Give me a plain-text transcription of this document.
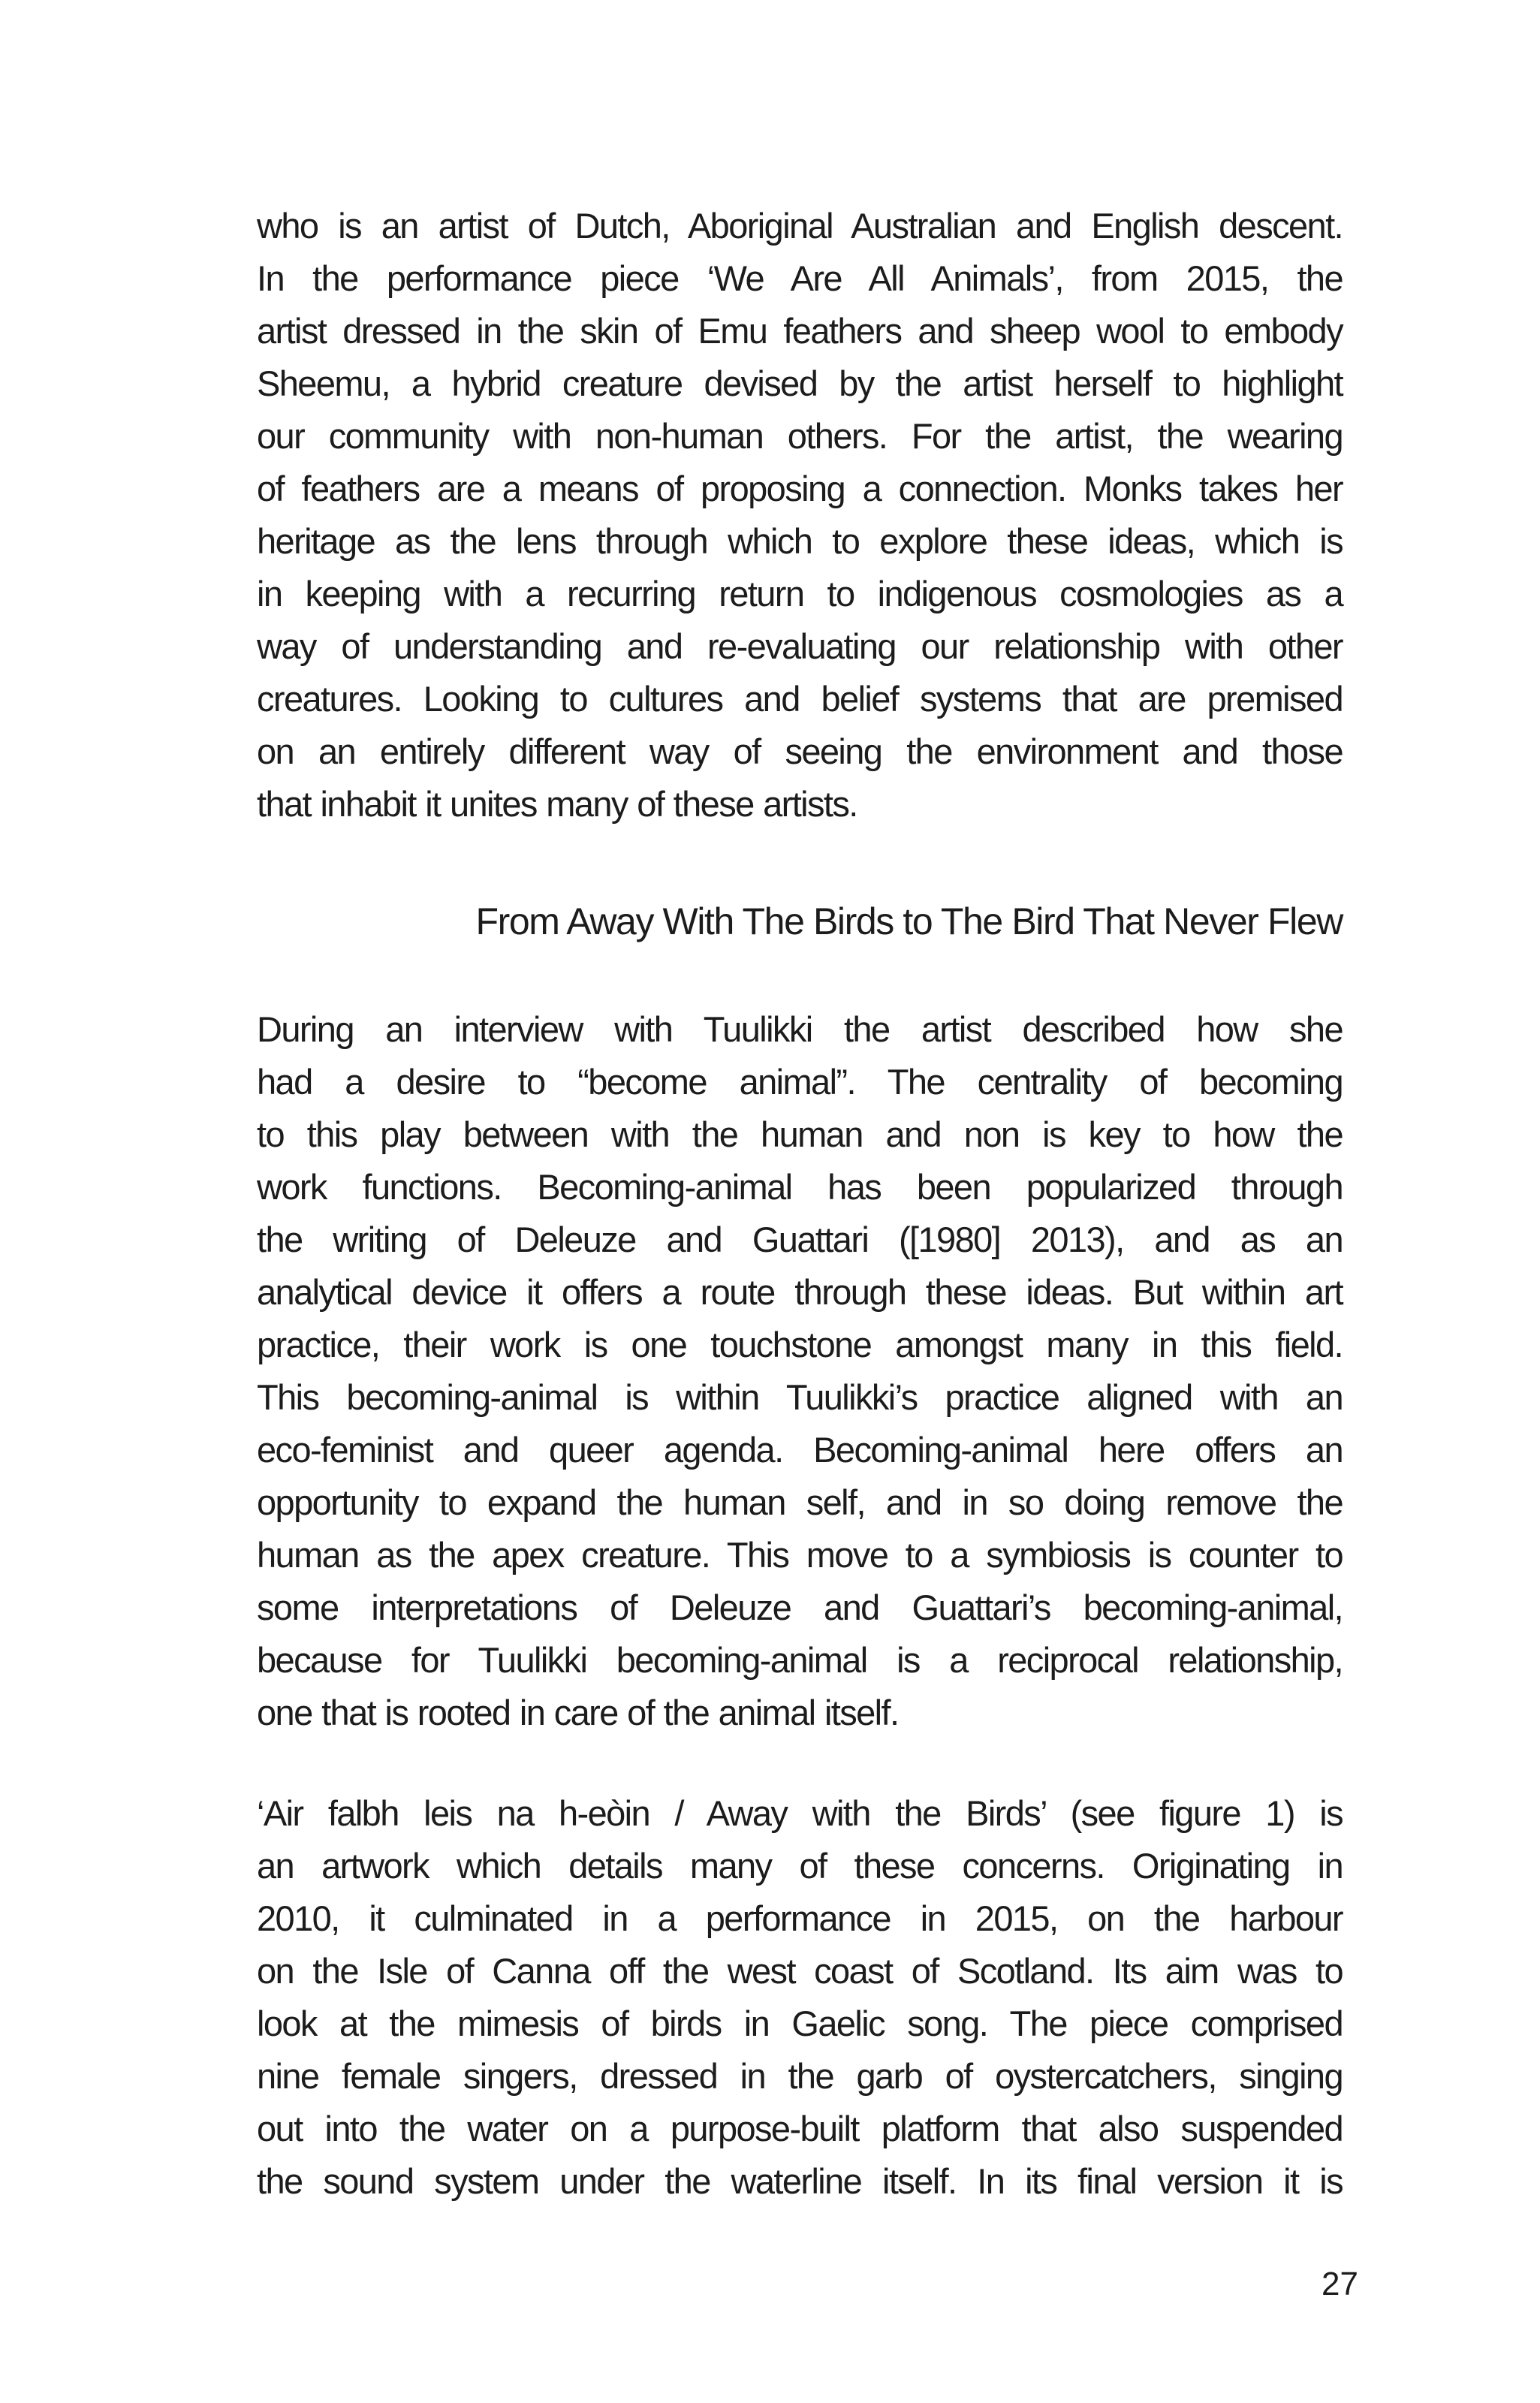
who is an artist of Dutch, Aboriginal Australian and English descent.
In the performance piece ‘We Are All Animals’, from 2015, the
artist dressed in the skin of Emu feathers and sheep wool to embody
Sheemu, a hybrid creature devised by the artist herself to highlight
our community with non-human others. For the artist, the wearing
of feathers are a means of proposing a connection. Monks takes her
heritage as the lens through which to explore these ideas, which is
in keeping with a recurring return to indigenous cosmologies as a
way of understanding and re-evaluating our relationship with other
creatures. Looking to cultures and belief systems that are premised
on an entirely different way of seeing the environment and those
that inhabit it unites many of these artists.
From Away With The Birds to The Bird That Never Flew
During an interview with Tuulikki the artist described how she
had a desire to “become animal”. The centrality of becoming
to this play between with the human and non is key to how the
work functions. Becoming-animal has been popularized through
the writing of Deleuze and Guattari ([1980] 2013), and as an
analytical device it offers a route through these ideas. But within art
practice, their work is one touchstone amongst many in this field.
This becoming-animal is within Tuulikki’s practice aligned with an
eco-feminist and queer agenda. Becoming-animal here offers an
opportunity to expand the human self, and in so doing remove the
human as the apex creature. This move to a symbiosis is counter to
some interpretations of Deleuze and Guattari’s becoming-animal,
because for Tuulikki becoming-animal is a reciprocal relationship,
one that is rooted in care of the animal itself.
‘Air falbh leis na h-eòin / Away with the Birds’ (see figure 1) is
an artwork which details many of these concerns. Originating in
2010, it culminated in a performance in 2015, on the harbour
on the Isle of Canna off the west coast of Scotland. Its aim was to
look at the mimesis of birds in Gaelic song. The piece comprised
nine female singers, dressed in the garb of oystercatchers, singing
out into the water on a purpose-built platform that also suspended
the sound system under the waterline itself. In its final version it is
27
